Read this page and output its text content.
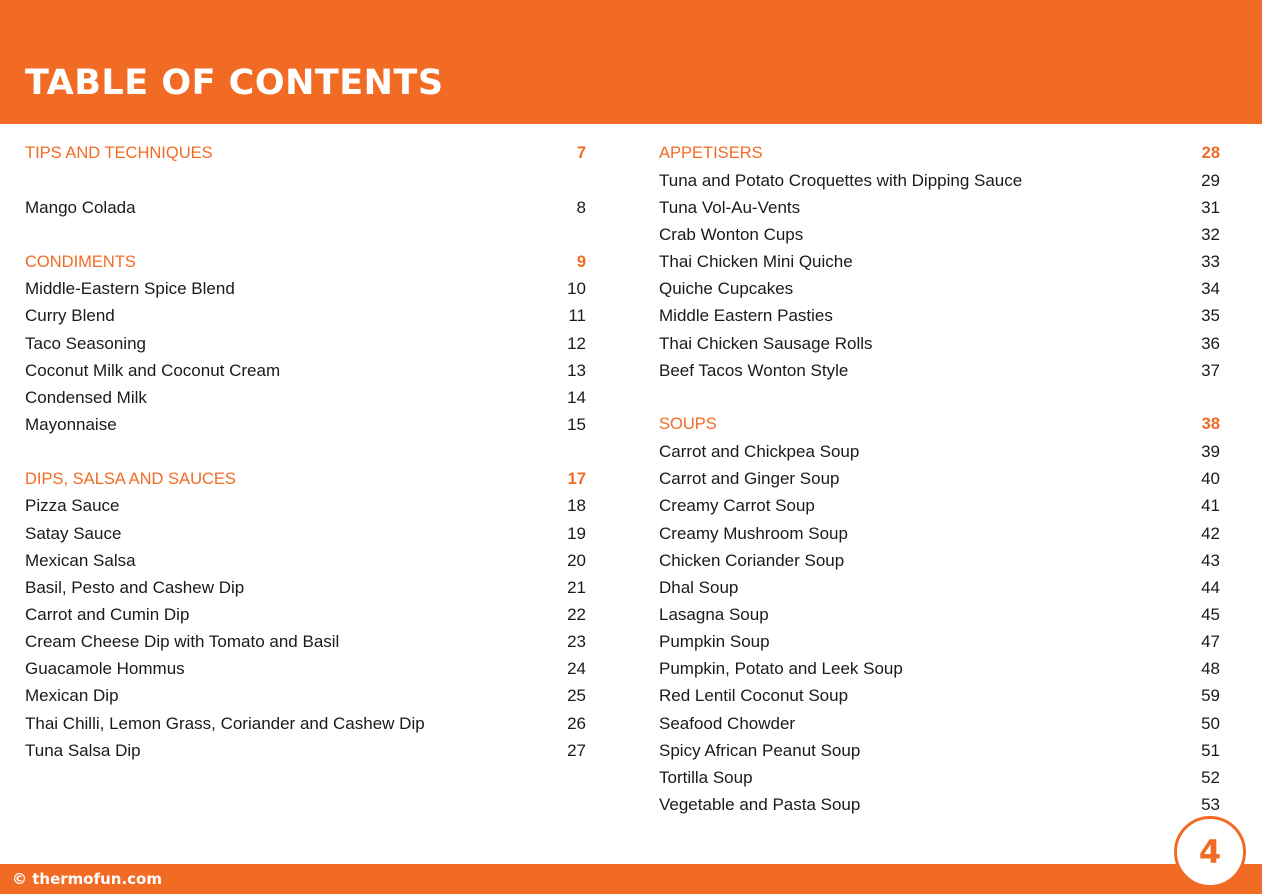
TABLE OF CONTENTS
TIPS AND TECHNIQUES	7
Mango Colada	8
CONDIMENTS	9
Middle-Eastern Spice Blend	10
Curry Blend	11
Taco Seasoning	12
Coconut Milk and Coconut Cream	13
Condensed Milk	14
Mayonnaise	15
DIPS, SALSA AND SAUCES	17
Pizza Sauce	18
Satay Sauce	19
Mexican Salsa	20
Basil, Pesto and Cashew Dip	21
Carrot and Cumin Dip	22
Cream Cheese Dip with Tomato and Basil	23
Guacamole Hommus	24
Mexican Dip	25
Thai Chilli, Lemon Grass, Coriander and Cashew Dip	26
Tuna Salsa Dip	27
APPETISERS	28
Tuna and Potato Croquettes with Dipping Sauce	29
Tuna Vol-Au-Vents	31
Crab Wonton Cups	32
Thai Chicken Mini Quiche	33
Quiche Cupcakes	34
Middle Eastern Pasties	35
Thai Chicken Sausage Rolls	36
Beef Tacos Wonton Style	37
SOUPS	38
Carrot and Chickpea Soup	39
Carrot and Ginger Soup	40
Creamy Carrot Soup	41
Creamy Mushroom Soup	42
Chicken Coriander Soup	43
Dhal Soup	44
Lasagna Soup	45
Pumpkin Soup	47
Pumpkin, Potato and Leek Soup	48
Red Lentil Coconut Soup	59
Seafood Chowder	50
Spicy African Peanut Soup	51
Tortilla Soup	52
Vegetable and Pasta Soup	53
© thermofun.com
4
